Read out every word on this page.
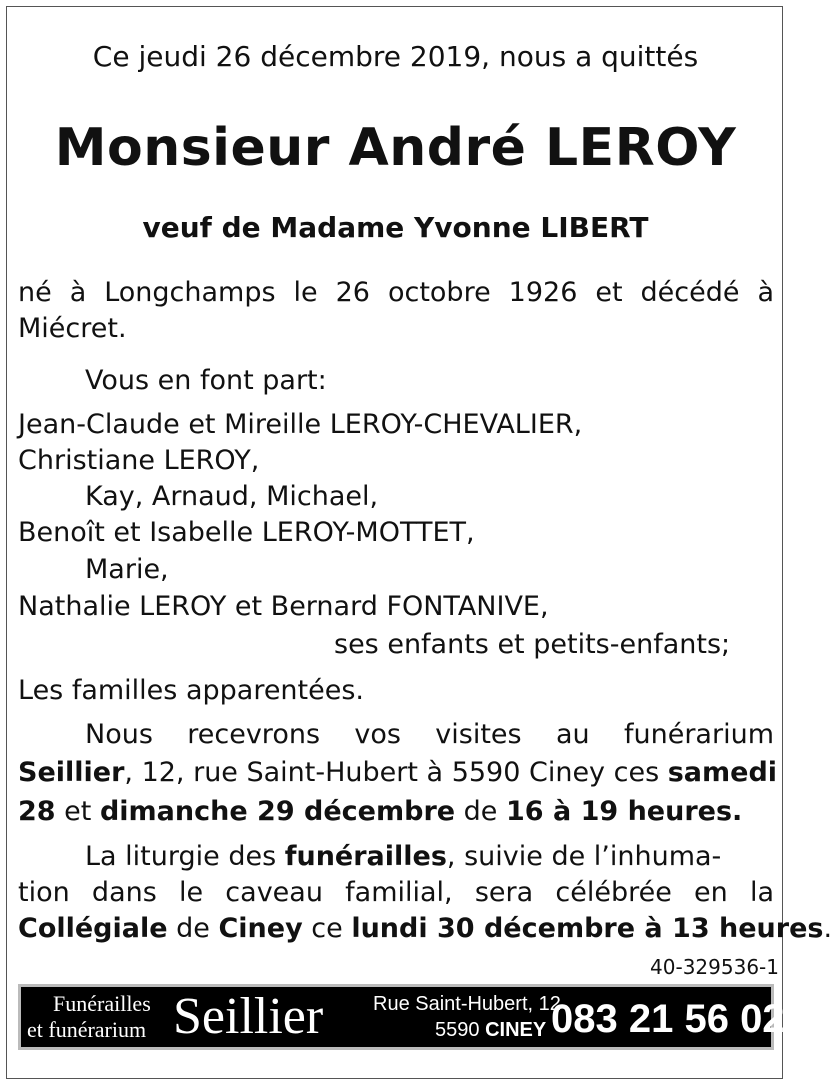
Ce jeudi 26 décembre 2019, nous a quittés
Monsieur André LEROY
veuf de Madame Yvonne LIBERT
né à Longchamps le 26 octobre 1926 et décédé à
Miécret.
Vous en font part:
Jean-Claude et Mireille LEROY-CHEVALIER,
Christiane LEROY,
Kay, Arnaud, Michael,
Benoît et Isabelle LEROY-MOTTET,
Marie,
Nathalie LEROY et Bernard FONTANIVE,
ses enfants et petits-enfants;
Les familles apparentées.
Nous recevrons vos visites au funérarium
Seillier, 12, rue Saint-Hubert à 5590 Ciney ces samedi
28 et dimanche 29 décembre de 16 à 19 heures.
La liturgie des funérailles, suivie de l’inhuma-
tion dans le caveau familial, sera célébrée en la
Collégiale de Ciney ce lundi 30 décembre à 13 heures.
40-329536-1
Funérailles
et funérarium Seillier Rue Saint-Hubert, 12
5590 CINEY 083 21 56 02
